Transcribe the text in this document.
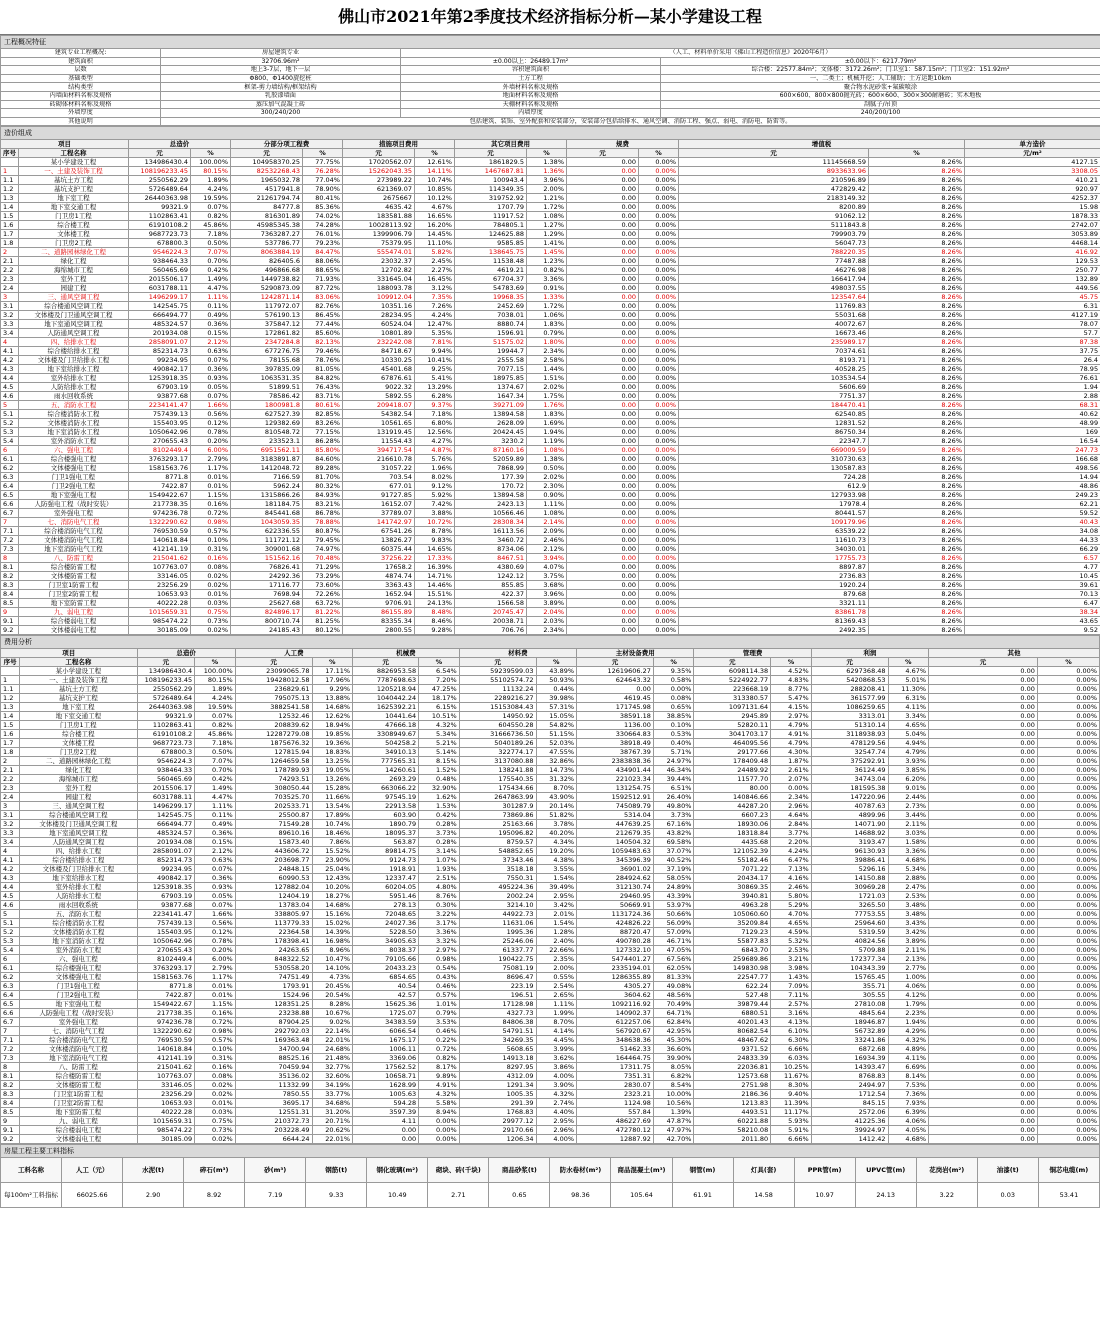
佛山市2021年第2季度技术经济指标分析—某小学建设工程
工程概况特征			
建筑专业工程概况:	房屋建筑专业	（人工、材料单价采用《佛山工程造价信息》2020年6月）	
建筑面积	32706.96m²	±0.00以上：26489.17m²	±0.00以下：6217.79m²
层数	地上3-7层，地下一层	容积建筑面积	综合楼：22577.84m²；文体楼：3172.26m²；门卫室1：587.15m²；门卫室2：151.92m²
基础类型	Φ800、Φ1400旋挖桩	土方工程	一、二类土；机械开挖；人工辅助；土方运距10km
结构类型	框架-剪力墙结构/框架结构	外墙材料名称及规格	聚合物水泥砂浆+氟碳喷涂
内墙面材料名称及规格	乳胶漆墙面	地面材料名称及规格	600×600、800×800抛光砖；600×600、300×300耐磨砖；实木地板
砖砌体材料名称及规格	蒸压加气混凝土砖	天棚材料名称及规格	刮腻子/吊顶
外墙厚度	300/240/200	内墙厚度	240/200/100
其他说明	包括建筑、装饰、室外配套和安装部分，安装部分包括给排水、通风空调、消防工程、强点、弱电、消防电、防雷等。		
造价组成														
项目		总造价		分部分项工程费		措施项目费用		其它项目费用		规费		增值税		单方造价
序号	工程名称	元	%	元	%	元	%	元	%	元	%	元	%	元/m²
	某小学建设工程	134986430.4	100.00%	104958370.25	77.75%	17020562.07	12.61%	1861829.5	1.38%	0.00	0.00%	11145668.59	8.26%	4127.15
1	一、土建及装饰工程	108196233.45	80.15%	82532268.43	76.28%	15262043.35	14.11%	1467687.81	1.36%	0.00	0.00%	8933633.96	8.26%	3308.05
1.1	基坑土方工程	2550562.29	1.89%	1965032.78	77.04%	273989.22	10.74%	100943.4	3.96%	0.00	0.00%	210596.89	8.26%	410.21
1.2	基坑支护工程	5726489.64	4.24%	4517941.8	78.90%	621369.07	10.85%	114349.35	2.00%	0.00	0.00%	472829.42	8.26%	920.97
1.3	地下室工程	26440363.98	19.59%	21261794.74	80.41%	2675667	10.12%	319752.92	1.21%	0.00	0.00%	2183149.32	8.26%	4252.37
1.4	地下室交通工程	99321.9	0.07%	84777.8	85.36%	4635.42	4.67%	1707.79	1.72%	0.00	0.00%	8200.89	8.26%	15.98
1.5	门卫房1工程	1102863.41	0.82%	816301.89	74.02%	183581.88	16.65%	11917.52	1.08%	0.00	0.00%	91062.12	8.26%	1878.33
1.6	综合楼工程	61910108.2	45.86%	45985345.38	74.28%	10028113.92	16.20%	784805.1	1.27%	0.00	0.00%	5111843.8	8.26%	2742.07
1.7	文体楼工程	9687723.73	7.18%	7363287.27	76.01%	1399906.79	14.45%	124625.88	1.29%	0.00	0.00%	799903.79	8.26%	3053.89
1.8	门卫房2工程	678800.3	0.50%	537786.77	79.23%	75379.95	11.10%	9585.85	1.41%	0.00	0.00%	56047.73	8.26%	4468.14
2	二、道路园林绿化工程	9546224.3	7.07%	8063884.19	84.47%	555474.01	5.82%	138645.75	1.45%	0.00	0.00%	788220.35	8.26%	416.92
2.1	绿化工程	938464.33	0.70%	826405.6	88.06%	23032.37	2.45%	11538.48	1.23%	0.00	0.00%	77487.88	8.26%	129.53
2.2	海绵城市工程	560465.69	0.42%	496866.68	88.65%	12702.82	2.27%	4619.21	0.82%	0.00	0.00%	46276.98	8.26%	250.77
2.3	室外工程	2015506.17	1.49%	1449738.82	71.93%	331645.04	16.45%	67704.37	3.36%	0.00	0.00%	166417.94	8.26%	132.89
2.4	园建工程	6031788.11	4.47%	5290873.09	87.72%	188093.78	3.12%	54783.69	0.91%	0.00	0.00%	498037.55	8.26%	449.56
3	三、通风空调工程	1496299.17	1.11%	1242871.14	83.06%	109912.04	7.35%	19968.35	1.33%	0.00	0.00%	123547.64	8.26%	45.75
3.1	综合楼通风空调工程	142545.75	0.11%	117972.07	82.76%	10351.16	7.26%	2452.69	1.72%	0.00	0.00%	11769.83	8.26%	6.31
3.2	文体楼及门卫通风空调工程	666494.77	0.49%	576190.13	86.45%	28234.95	4.24%	7038.01	1.06%	0.00	0.00%	55031.68	8.26%	4127.19
3.3	地下室通风空调工程	485324.57	0.36%	375847.12	77.44%	60524.04	12.47%	8880.74	1.83%	0.00	0.00%	40072.67	8.26%	78.07
3.4	人防通风空调工程	201934.08	0.15%	172861.82	85.60%	10801.89	5.35%	1596.91	0.79%	0.00	0.00%	16673.46	8.26%	57.7
4	四、给排水工程	2858091.07	2.12%	2347284.8	82.13%	232242.08	7.81%	51575.02	1.80%	0.00	0.00%	235989.17	8.26%	87.38
4.1	综合楼给排水工程	852314.73	0.63%	677276.75	79.46%	84718.67	9.94%	19944.7	2.34%	0.00	0.00%	70374.61	8.26%	37.75
4.2	文体楼及门卫给排水工程	99234.95	0.07%	78155.68	78.76%	10330.25	10.41%	2555.58	2.58%	0.00	0.00%	8193.71	8.26%	26.4
4.3	地下室给排水工程	490842.17	0.36%	397835.09	81.05%	45401.68	9.25%	7077.15	1.44%	0.00	0.00%	40528.25	8.26%	78.95
4.4	室外给排水工程	1253918.35	0.93%	1063531.35	84.82%	67876.61	5.41%	18975.85	1.51%	0.00	0.00%	103534.54	8.26%	76.61
4.5	人防给排水工程	67903.19	0.05%	51899.51	76.43%	9022.32	13.29%	1374.67	2.02%	0.00	0.00%	5606.69	8.26%	1.94
4.6	雨水回收系统	93877.68	0.07%	78586.42	83.71%	5892.55	6.28%	1647.34	1.75%	0.00	0.00%	7751.37	8.26%	2.88
5	五、消防水工程	2234141.47	1.66%	1800981.8	80.61%	209418.07	9.37%	39271.09	1.76%	0.00	0.00%	184470.41	8.26%	68.31
5.1	综合楼消防水工程	757439.13	0.56%	627527.39	82.85%	54382.54	7.18%	13894.58	1.83%	0.00	0.00%	62540.85	8.26%	40.62
5.2	文体楼消防水工程	155403.95	0.12%	129382.69	83.26%	10561.65	6.80%	2628.09	1.69%	0.00	0.00%	12831.52	8.26%	48.99
5.3	地下室消防水工程	1050642.96	0.78%	810548.72	77.15%	131919.45	12.56%	20424.45	1.94%	0.00	0.00%	86750.34	8.26%	169
5.4	室外消防水工程	270655.43	0.20%	233523.1	86.28%	11554.43	4.27%	3230.2	1.19%	0.00	0.00%	22347.7	8.26%	16.54
6	六、强电工程	8102449.4	6.00%	6951562.11	85.80%	394717.54	4.87%	87160.16	1.08%	0.00	0.00%	669009.59	8.26%	247.73
6.1	综合楼强电工程	3763293.17	2.79%	3183891.87	84.60%	216610.78	5.76%	52059.89	1.38%	0.00	0.00%	310730.63	8.26%	166.68
6.2	文体楼强电工程	1581563.76	1.17%	1412048.72	89.28%	31057.22	1.96%	7868.99	0.50%	0.00	0.00%	130587.83	8.26%	498.56
6.3	门卫1强电工程	8771.8	0.01%	7166.59	81.70%	703.54	8.02%	177.39	2.02%	0.00	0.00%	724.28	8.26%	14.94
6.4	门卫2强电工程	7422.87	0.01%	5962.24	80.32%	677.01	9.12%	170.72	2.30%	0.00	0.00%	612.9	8.26%	48.86
6.5	地下室强电工程	1549422.67	1.15%	1315866.26	84.93%	91727.85	5.92%	13894.58	0.90%	0.00	0.00%	127933.98	8.26%	249.23
6.6	人防强电工程（战时安装）	217738.35	0.16%	181184.75	83.21%	16152.07	7.42%	2423.13	1.11%	0.00	0.00%	17978.4	8.26%	62.21
6.7	室外强电工程	974236.78	0.72%	845441.68	86.78%	37789.07	3.88%	10566.46	1.08%	0.00	0.00%	80441.57	8.26%	59.52
7	七、消防电气工程	1322290.62	0.98%	1043059.35	78.88%	141742.97	10.72%	28308.34	2.14%	0.00	0.00%	109179.96	8.26%	40.43
7.1	综合楼消防电气工程	769530.59	0.57%	622336.55	80.87%	67541.26	8.78%	16113.56	2.09%	0.00	0.00%	63539.22	8.26%	34.08
7.2	文体楼消防电气工程	140618.84	0.10%	111721.12	79.45%	13826.27	9.83%	3460.72	2.46%	0.00	0.00%	11610.73	8.26%	44.33
7.3	地下室消防电气工程	412141.19	0.31%	309001.68	74.97%	60375.44	14.65%	8734.06	2.12%	0.00	0.00%	34030.01	8.26%	66.29
8	八、防雷工程	215041.62	0.16%	151562.16	70.48%	37256.22	17.33%	8467.51	3.94%	0.00	0.00%	17755.73	8.26%	6.57
8.1	综合楼防雷工程	107763.07	0.08%	76826.41	71.29%	17658.2	16.39%	4380.69	4.07%	0.00	0.00%	8897.87	8.26%	4.77
8.2	文体楼防雷工程	33146.05	0.02%	24292.36	73.29%	4874.74	14.71%	1242.12	3.75%	0.00	0.00%	2736.83	8.26%	10.45
8.3	门卫室1防雷工程	23256.29	0.02%	17116.77	73.60%	3363.43	14.46%	855.85	3.68%	0.00	0.00%	1920.24	8.26%	39.61
8.4	门卫室2防雷工程	10653.93	0.01%	7698.94	72.26%	1652.94	15.51%	422.37	3.96%	0.00	0.00%	879.68	8.26%	70.13
8.5	地下室防雷工程	40222.28	0.03%	25627.68	63.72%	9706.91	24.13%	1566.58	3.89%	0.00	0.00%	3321.11	8.26%	6.47
9	九、弱电工程	1015659.31	0.75%	824896.17	81.22%	86155.89	8.48%	20745.47	2.04%	0.00	0.00%	83861.78	8.26%	38.34
9.1	综合楼弱电工程	985474.22	0.73%	800710.74	81.25%	83355.34	8.46%	20038.71	2.03%	0.00	0.00%	81369.43	8.26%	43.65
9.2	文体楼弱电工程	30185.09	0.02%	24185.43	80.12%	2800.55	9.28%	706.76	2.34%	0.00	0.00%	2492.35	8.26%	9.52
费用分析																	
项目		总造价		人工费		机械费		材料费		主材设备费用		管理费		利润		其他	
序号	工程名称	元	%	元	%	元	%	元	%	元	%	元	%	元	%	元	%
	某小学建设工程	134986430.4	100.00%	23099065.78	17.11%	8826953.58	6.54%	59239599.03	43.89%	12619606.27	9.35%	6098114.38	4.52%	6297368.48	4.67%	0.00	0.00%
1	一、土建及装饰工程	108196233.45	80.15%	19428012.58	17.96%	7787698.63	7.20%	55102574.72	50.93%	624643.32	0.58%	5224922.77	4.83%	5420868.53	5.01%	0.00	0.00%
1.1	基坑土方工程	2550562.29	1.89%	236829.61	9.29%	1205218.94	47.25%	11132.24	0.44%	0.00	0.00%	223668.19	8.77%	288208.41	11.30%	0.00	0.00%
1.2	基坑支护工程	5726489.64	4.24%	795075.13	13.88%	1040442.24	18.17%	2289216.27	39.98%	4619.45	0.08%	313380.57	5.47%	361577.99	6.31%	0.00	0.00%
1.3	地下室工程	26440363.98	19.59%	3882541.58	14.68%	1625392.21	6.15%	15153084.43	57.31%	171745.98	0.65%	1097131.64	4.15%	1086259.65	4.11%	0.00	0.00%
1.4	地下室交通工程	99321.9	0.07%	12532.46	12.62%	10441.64	10.51%	14950.92	15.05%	38591.18	38.85%	2945.89	2.97%	3313.01	3.34%	0.00	0.00%
1.5	门卫房1工程	1102863.41	0.82%	208839.62	18.94%	47666.18	4.32%	604550.28	54.82%	1136.00	0.10%	52820.11	4.79%	51310.14	4.65%	0.00	0.00%
1.6	综合楼工程	61910108.2	45.86%	12287279.08	19.85%	3308949.67	5.34%	31666736.50	51.15%	330664.83	0.53%	3041703.17	4.91%	3118938.93	5.04%	0.00	0.00%
1.7	文体楼工程	9687723.73	7.18%	1875676.32	19.36%	504258.2	5.21%	5040189.26	52.03%	38918.49	0.40%	464095.56	4.79%	478129.56	4.94%	0.00	0.00%
1.8	门卫房2工程	678800.3	0.50%	127815.94	18.83%	34910.13	5.14%	322774.17	47.55%	38767.39	5.71%	29177.66	4.30%	32547.74	4.79%	0.00	0.00%
2	二、道路园林绿化工程	9546224.3	7.07%	1264659.58	13.25%	777565.31	8.15%	3137080.88	32.86%	2383838.36	24.97%	178409.48	1.87%	375292.91	3.93%	0.00	0.00%
2.1	绿化工程	938464.33	0.70%	178789.93	19.05%	14260.61	1.52%	138241.88	14.73%	434901.44	46.34%	24489.92	2.61%	36124.49	3.85%	0.00	0.00%
2.2	海绵城市工程	560465.69	0.42%	74293.51	13.26%	2693.29	0.48%	175540.35	31.32%	221023.34	39.44%	11577.70	2.07%	34743.04	6.20%	0.00	0.00%
2.3	室外工程	2015506.17	1.49%	308050.44	15.28%	663066.22	32.90%	175434.66	8.70%	131254.75	6.51%	80.00	0.00%	181595.38	9.01%	0.00	0.00%
2.4	园建工程	6031788.11	4.47%	703525.70	11.66%	97545.19	1.62%	2647863.99	43.90%	1592512.91	26.40%	140846.66	2.34%	147220.96	2.44%	0.00	0.00%
3	三、通风空调工程	1496299.17	1.11%	202533.71	13.54%	22913.58	1.53%	301287.9	20.14%	745089.79	49.80%	44287.20	2.96%	40787.63	2.73%	0.00	0.00%
3.1	综合楼通风空调工程	142545.75	0.11%	25500.87	17.89%	603.90	0.42%	73869.86	51.82%	5314.04	3.73%	6607.23	4.64%	4899.96	3.44%	0.00	0.00%
3.2	文体楼及门卫通风空调工程	666494.77	0.49%	71549.28	10.74%	1890.79	0.28%	25163.66	3.78%	447639.25	67.16%	18930.06	2.84%	14071.90	2.11%	0.00	0.00%
3.3	地下室通风空调工程	485324.57	0.36%	89610.16	18.46%	18095.37	3.73%	195096.82	40.20%	212679.35	43.82%	18318.84	3.77%	14688.92	3.03%	0.00	0.00%
3.4	人防通风空调工程	201934.08	0.15%	15873.40	7.86%	563.87	0.28%	8759.57	4.34%	140504.32	69.58%	4435.68	2.20%	3193.47	1.58%	0.00	0.00%
4	四、给排水工程	2858091.07	2.12%	443606.72	15.52%	89814.75	3.14%	548852.65	19.20%	1059483.63	37.07%	121052.39	4.24%	96130.93	3.36%	0.00	0.00%
4.1	综合楼给排水工程	852314.73	0.63%	203698.77	23.90%	9124.73	1.07%	37343.46	4.38%	345396.39	40.52%	55182.46	6.47%	39886.41	4.68%	0.00	0.00%
4.2	文体楼及门卫给排水工程	99234.95	0.07%	24848.15	25.04%	1918.91	1.93%	3518.18	3.55%	36901.02	37.19%	7071.22	7.13%	5296.16	5.34%	0.00	0.00%
4.3	地下室给排水工程	490842.17	0.36%	60990.53	12.43%	12337.47	2.51%	7550.31	1.54%	284924.62	58.05%	20434.17	4.16%	14150.88	2.88%	0.00	0.00%
4.4	室外给排水工程	1253918.35	0.93%	127882.04	10.20%	60204.05	4.80%	495224.36	39.49%	312130.74	24.89%	30869.35	2.46%	30969.28	2.47%	0.00	0.00%
4.5	人防给排水工程	67903.19	0.05%	12404.19	18.27%	5951.46	8.76%	2002.24	2.95%	29460.95	43.39%	3940.81	5.80%	1721.03	2.53%	0.00	0.00%
4.6	雨水回收系统	93877.68	0.07%	13783.04	14.68%	278.13	0.30%	3214.10	3.42%	50669.91	53.97%	4963.28	5.29%	3265.50	3.48%	0.00	0.00%
5	五、消防水工程	2234141.47	1.66%	338805.97	15.16%	72048.65	3.22%	44922.73	2.01%	1131724.36	50.66%	105060.60	4.70%	77753.55	3.48%	0.00	0.00%
5.1	综合楼消防水工程	757439.13	0.56%	113779.33	15.02%	24027.36	3.17%	11631.06	1.54%	424826.22	56.09%	35209.84	4.65%	25964.60	3.43%	0.00	0.00%
5.2	文体楼消防水工程	155403.95	0.12%	22364.58	14.39%	5228.50	3.36%	1995.36	1.28%	88720.47	57.09%	7129.23	4.59%	5319.59	3.42%	0.00	0.00%
5.3	地下室消防水工程	1050642.96	0.78%	178398.41	16.98%	34905.63	3.32%	25246.06	2.40%	490780.28	46.71%	55877.83	5.32%	40824.56	3.89%	0.00	0.00%
5.4	室外消防水工程	270655.43	0.20%	24263.65	8.96%	8038.37	2.97%	61337.77	22.66%	127332.10	47.05%	6843.70	2.53%	5709.88	2.11%	0.00	0.00%
6	六、强电工程	8102449.4	6.00%	848322.52	10.47%	79105.66	0.98%	190422.75	2.35%	5474401.27	67.56%	259689.86	3.21%	172377.34	2.13%	0.00	0.00%
6.1	综合楼强电工程	3763293.17	2.79%	530558.20	14.10%	20433.23	0.54%	75081.19	2.00%	2335194.01	62.05%	149830.98	3.98%	104343.39	2.77%	0.00	0.00%
6.2	文体楼强电工程	1581563.76	1.17%	74751.49	4.73%	6854.65	0.43%	8696.47	0.55%	1286355.89	81.33%	22547.77	1.43%	15765.45	1.00%	0.00	0.00%
6.3	门卫1强电工程	8771.8	0.01%	1793.91	20.45%	40.54	0.46%	223.19	2.54%	4305.27	49.08%	622.24	7.09%	355.71	4.06%	0.00	0.00%
6.4	门卫2强电工程	7422.87	0.01%	1524.96	20.54%	42.57	0.57%	196.51	2.65%	3604.62	48.56%	527.48	7.11%	305.55	4.12%	0.00	0.00%
6.5	地下室强电工程	1549422.67	1.15%	128351.25	8.28%	15625.36	1.01%	17128.98	1.11%	1092116.92	70.49%	39879.44	2.57%	27810.08	1.79%	0.00	0.00%
6.6	人防强电工程（战时安装）	217738.35	0.16%	23238.88	10.67%	1725.07	0.79%	4327.73	1.99%	140902.37	64.71%	6880.51	3.16%	4845.64	2.23%	0.00	0.00%
6.7	室外强电工程	974236.78	0.72%	87904.25	9.02%	34383.59	3.53%	84806.38	8.70%	612257.06	62.84%	40201.43	4.13%	18946.87	1.94%	0.00	0.00%
7	七、消防电气工程	1322290.62	0.98%	292792.03	22.14%	6066.54	0.46%	54791.51	4.14%	567920.67	42.95%	80682.54	6.10%	56732.89	4.29%	0.00	0.00%
7.1	综合楼消防电气工程	769530.59	0.57%	169363.48	22.01%	1675.17	0.22%	34269.35	4.45%	348638.36	45.30%	48467.62	6.30%	33241.86	4.32%	0.00	0.00%
7.2	文体楼消防电气工程	140618.84	0.10%	34700.94	24.68%	1006.11	0.72%	5608.65	3.99%	51462.33	36.60%	9371.52	6.66%	6872.68	4.89%	0.00	0.00%
7.3	地下室消防电气工程	412141.19	0.31%	88525.16	21.48%	3369.06	0.82%	14913.18	3.62%	164464.75	39.90%	24833.39	6.03%	16934.39	4.11%	0.00	0.00%
8	八、防雷工程	215041.62	0.16%	70459.94	32.77%	17562.52	8.17%	8297.95	3.86%	17311.75	8.05%	22036.81	10.25%	14393.47	6.69%	0.00	0.00%
8.1	综合楼防雷工程	107763.07	0.08%	35136.02	32.60%	10658.71	9.89%	4312.09	4.00%	7351.31	6.82%	12573.68	11.67%	8768.83	8.14%	0.00	0.00%
8.2	文体楼防雷工程	33146.05	0.02%	11332.99	34.19%	1628.99	4.91%	1291.34	3.90%	2830.07	8.54%	2751.98	8.30%	2494.97	7.53%	0.00	0.00%
8.3	门卫室1防雷工程	23256.29	0.02%	7850.55	33.77%	1005.63	4.32%	1005.35	4.32%	2323.21	10.00%	2186.36	9.40%	1712.54	7.36%	0.00	0.00%
8.4	门卫室2防雷工程	10653.93	0.01%	3695.17	34.68%	594.28	5.58%	291.39	2.74%	1124.98	10.56%	1213.83	11.39%	845.15	7.93%	0.00	0.00%
8.5	地下室防雷工程	40222.28	0.03%	12551.31	31.20%	3597.39	8.94%	1768.83	4.40%	557.84	1.39%	4493.51	11.17%	2572.06	6.39%	0.00	0.00%
9	九、弱电工程	1015659.31	0.75%	210372.73	20.71%	4.11	0.00%	29977.12	2.95%	486227.69	47.87%	60221.88	5.93%	41225.36	4.06%	0.00	0.00%
9.1	综合楼弱电工程	985474.22	0.73%	203228.49	20.62%	0.00	0.00%	29170.66	2.96%	472780.12	47.97%	58210.08	5.91%	39924.97	4.05%	0.00	0.00%
9.2	文体楼弱电工程	30185.09	0.02%	6644.24	22.01%	0.00	0.00%	1206.34	4.00%	12887.92	42.70%	2011.80	6.66%	1412.42	4.68%	0.00	0.00%
房屋工程主要工料指标																	
工料名称	人工（元）	水泥(t)	碎石(m³)	砂(m³)	钢筋(t)	钢化玻璃(m²)	砌块、砖(千块)	商品砂浆(t)	防水卷材(m²)	商品混凝土(m³)	钢管(m)	灯具(套)	PPR管(m)	UPVC管(m)	花岗岩(m²)	油漆(t)	铜芯电缆(m)
每100m²工料指标	66025.66	2.90	8.92	7.19	9.33	10.49	2.71	0.65	98.36	105.64	61.91	14.58	10.97	24.13	3.22	0.03	53.41
